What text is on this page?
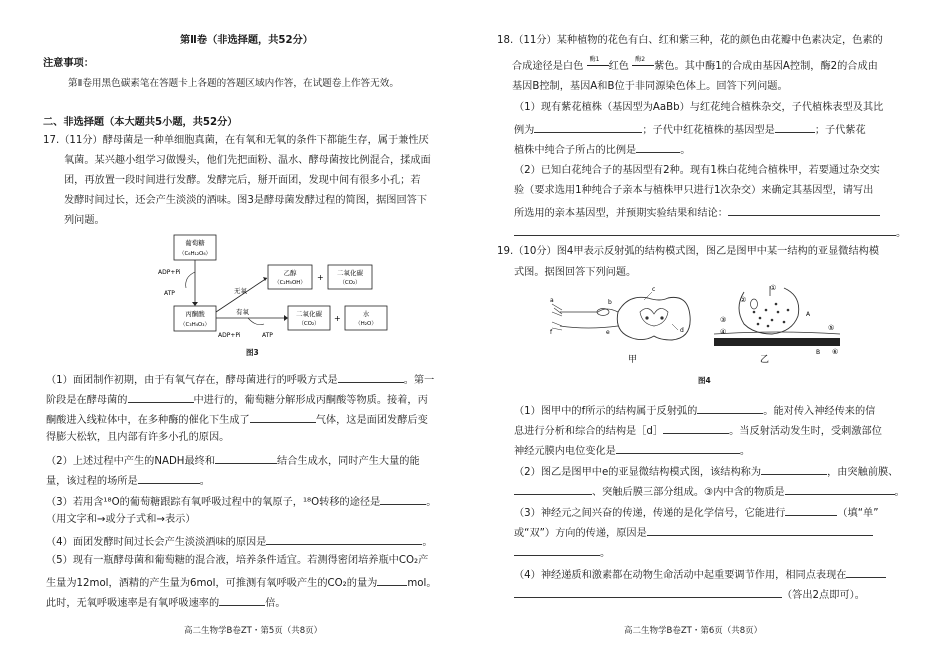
第Ⅱ卷（非选择题，共52分）
注意事项：
第Ⅱ卷用黑色碳素笔在答题卡上各题的答题区域内作答，在试题卷上作答无效。
二、非选择题（本大题共5小题，共52分）
17.（11分）酵母菌是一种单细胞真菌，在有氧和无氧的条件下都能生存，属于兼性厌
氧菌。某兴趣小组学习做馒头，他们先把面粉、温水、酵母菌按比例混合，揉成面
团，再放置一段时间进行发酵。发酵完后，掰开面团，发现中间有很多小孔；若
发酵时间过长，还会产生淡淡的酒味。图3是酵母菌发酵过程的简图，据图回答下
列问题。
葡萄糖
（C₆H₁₂O₆）
丙酮酸
（C₃H₄O₃）
ADP+Pi
ATP
乙醇
（C₂H₅OH）
+ 二氧化碳
（CO₂）
无氧
有氧
ADP+Pi	ATP
二氧化碳
（CO₂）
+	水
（H₂O）
图3
（1）面团制作初期，由于有氧气存在，酵母菌进行的呼吸方式是	。第一
阶段是在酵母菌的	中进行的，葡萄糖分解形成丙酮酸等物质。接着，丙
酮酸进入线粒体中，在多种酶的催化下生成了	气体，这是面团发酵后变
得膨大松软，且内部有许多小孔的原因。
（2）上述过程中产生的NADH最终和	结合生成水，同时产生大量的能
量，该过程的场所是	。
（3）若用含¹⁸O的葡萄糖跟踪有氧呼吸过程中的氧原子，¹⁸O转移的途径是	。
（用文字和→或分子式和→表示）
（4）面团发酵时间过长会产生淡淡酒味的原因是	。
（5）现有一瓶酵母菌和葡萄糖的混合液，培养条件适宜。若测得密闭培养瓶中CO₂产
生量为12mol，酒精的产生量为6mol，可推测有氧呼吸产生的CO₂的量为	mol。
此时，无氧呼吸速率是有氧呼吸速率的	倍。
高二生物学B卷ZT・第5页（共8页）
18.（11分）某种植物的花色有白、红和紫三种，花的颜色由花瓣中色素决定，色素的
合成途径是白色
酶1
红色
酶2
紫色。其中酶1的合成由基因A控制，酶2的合成由
基因B控制，基因A和B位于非同源染色体上。回答下列问题。
（1）现有紫花植株（基因型为AaBb）与红花纯合植株杂交，子代植株表型及其比
例为	；子代中红花植株的基因型是	；子代紫花
植株中纯合子所占的比例是	。
（2）已知白花纯合子的基因型有2种。现有1株白花纯合植株甲，若要通过杂交实
验（要求选用1种纯合子亲本与植株甲只进行1次杂交）来确定其基因型，请写出
所选用的亲本基因型，并预期实验结果和结论：
。
19.（10分）图4甲表示反射弧的结构模式图，图乙是图甲中某一结构的亚显微结构模
式图。据图回答下列问题。
a	b
c
d
e
f
甲
①
②
③
④	⑤
⑥
A
B
乙
图4
（1）图甲中的f所示的结构属于反射弧的	。能对传入神经传来的信
息进行分析和综合的结构是［d］	。当反射活动发生时，受刺激部位
神经元膜内电位变化是	。
（2）图乙是图甲中e的亚显微结构模式图，该结构称为	，由突触前膜、
、突触后膜三部分组成。③内中含的物质是	。
（3）神经元之间兴奋的传递，传递的是化学信号，它能进行	（填“单”
或“双”）方向的传递，原因是
。
（4）神经递质和激素都在动物生命活动中起重要调节作用，相同点表现在
（答出2点即可）。
高二生物学B卷ZT・第6页（共8页）
